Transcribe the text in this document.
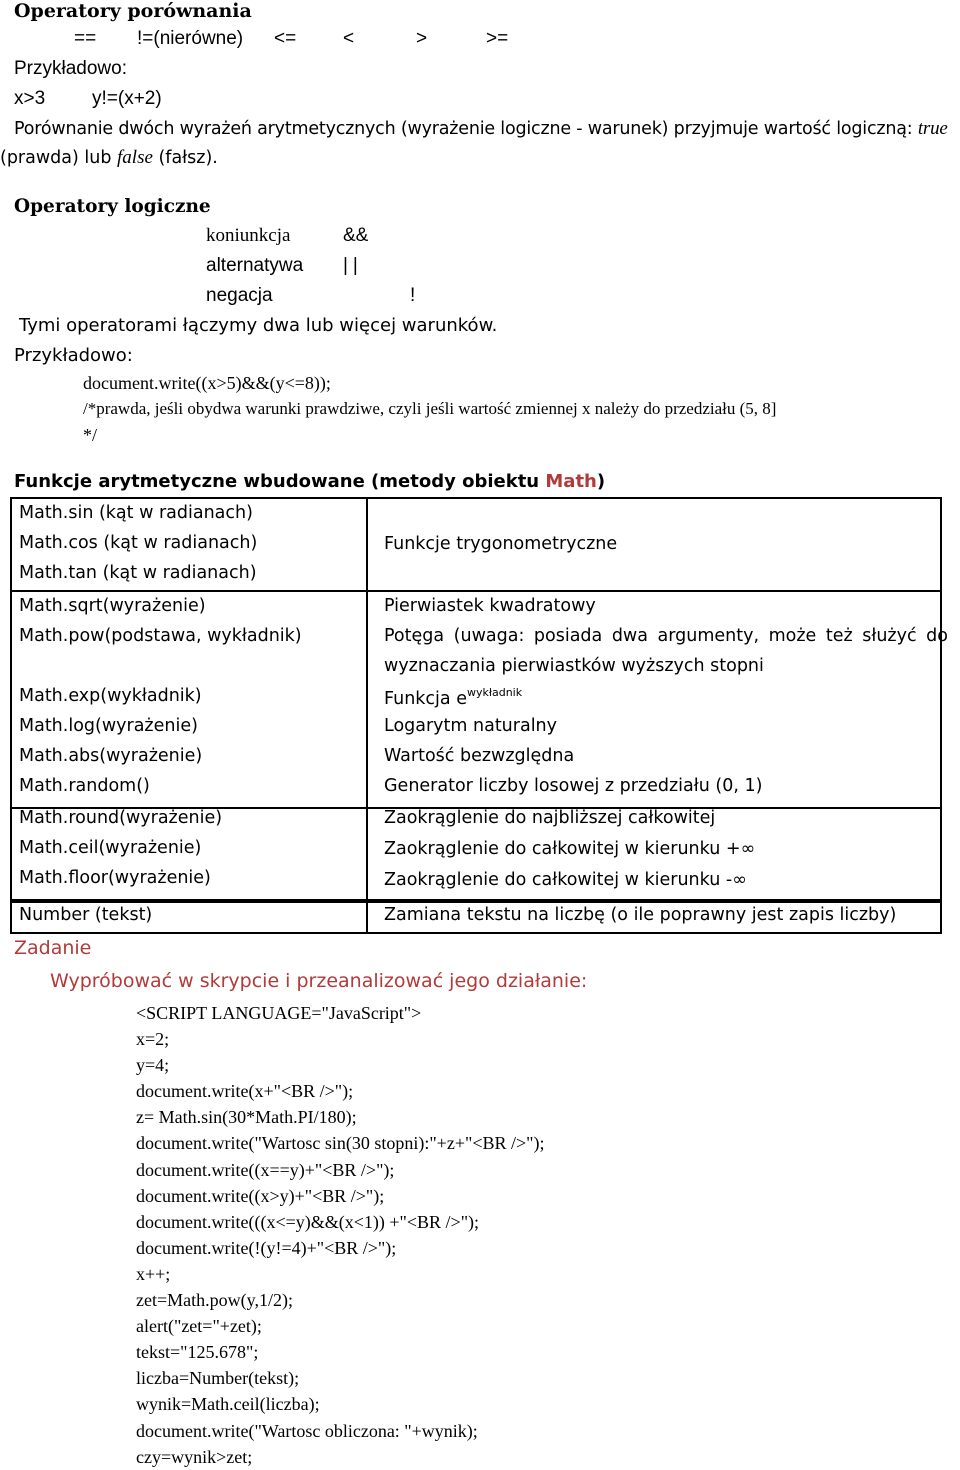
Operatory porównania
== !=(nierówne) <= <	>	>=
Przykładowo:
x>3 y!=(x+2)
Porównanie dwóch wyrażeń arytmetycznych (wyrażenie logiczne - warunek) przyjmuje wartość logiczną: true
(prawda) lub false (fałsz).
Operatory logiczne
koniunkcja	&&
alternatywa ||
negacja	!
Tymi operatorami łączymy dwa lub więcej warunków.
Przykładowo:
document.write((x>5)&&(y<=8));
/*prawda, jeśli obydwa warunki prawdziwe, czyli jeśli wartość zmiennej x należy do przedziału (5, 8]
*/
Funkcje arytmetyczne wbudowane (metody obiektu Math)
Math.sin (kąt w radianach)
Math.cos (kąt w radianach)
Math.tan (kąt w radianach)
Funkcje trygonometryczne
Math.sqrt(wyrażenie)	Pierwiastek kwadratowy
Math.pow(podstawa, wykładnik)	Potęga (uwaga: posiada dwa argumenty, może też służyć do
wyznaczania pierwiastków wyższych stopni
Math.exp(wykładnik)	Funkcja $e^{wykładnik}$
Math.log(wyrażenie)	Logarytm naturalny
Math.abs(wyrażenie)	Wartość bezwzględna
Math.random()	Generator liczby losowej z przedziału (0, 1)
Math.round(wyrażenie)	Zaokrąglenie do najbliższej całkowitej
Math.ceil(wyrażenie)	Zaokrąglenie do całkowitej w kierunku +∞
Math.floor(wyrażenie)	Zaokrąglenie do całkowitej w kierunku -∞
Number (tekst)	Zamiana tekstu na liczbę (o ile poprawny jest zapis liczby)
Zadanie
Wypróbować w skrypcie i przeanalizować jego działanie:
<SCRIPT LANGUAGE="JavaScript">
x=2;
y=4;
document.write(x+"<BR />");
z= Math.sin(30*Math.PI/180);
document.write("Wartosc sin(30 stopni):"+z+"<BR />");
document.write((x==y)+"<BR />");
document.write((x>y)+"<BR />");
document.write(((x<=y)&&(x<1)) +"<BR />");
document.write(!(y!=4)+"<BR />");
x++;
zet=Math.pow(y,1/2);
alert("zet="+zet);
tekst="125.678";
liczba=Number(tekst);
wynik=Math.ceil(liczba);
document.write("Wartosc obliczona: "+wynik);
czy=wynik>zet;
